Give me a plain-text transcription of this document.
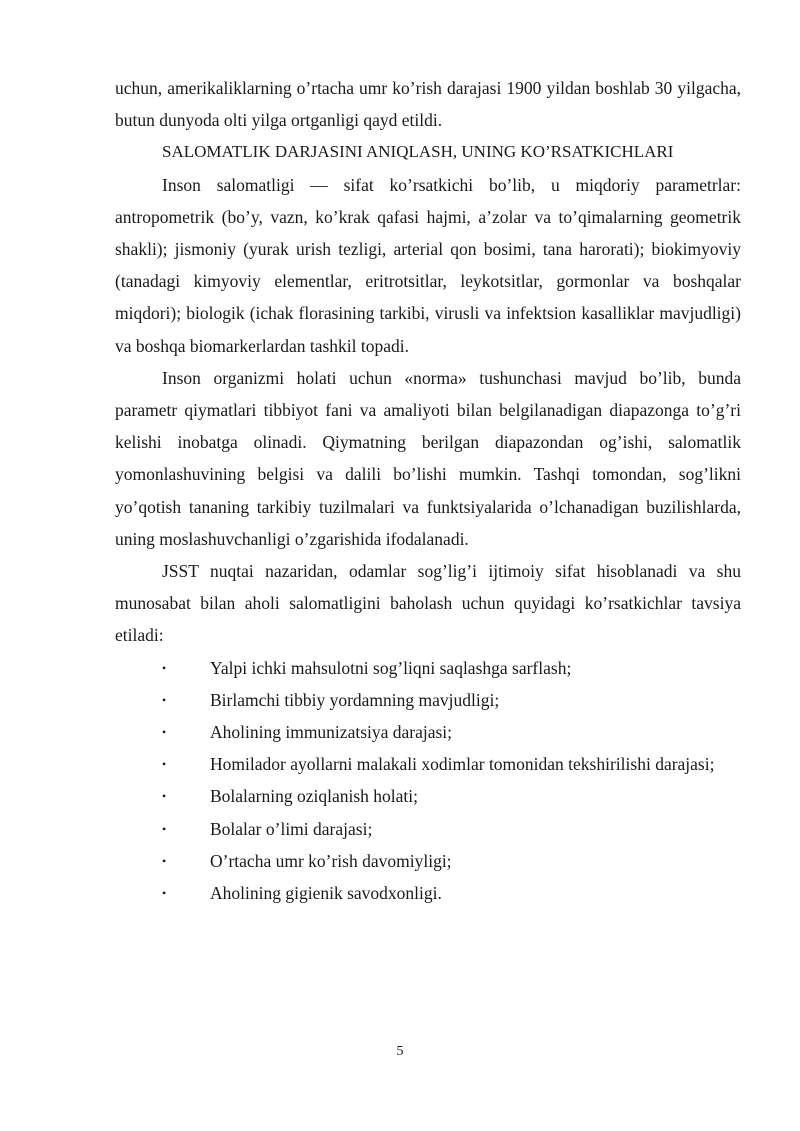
uchun, amerikaliklarning o’rtacha umr ko’rish darajasi 1900 yildan boshlab 30 yilgacha, butun dunyoda olti yilga ortganligi qayd etildi.

SALOMATLIK DARJASINI ANIQLASH, UNING KO’RSATKICHLARI

Inson salomatligi — sifat ko’rsatkichi bo’lib, u miqdoriy parametrlar: antropometrik (bo’y, vazn, ko’krak qafasi hajmi, a’zolar va to’qimalarning geometrik shakli); jismoniy (yurak urish tezligi, arterial qon bosimi, tana harorati); biokimyoviy (tanadagi kimyoviy elementlar, eritrotsitlar, leykotsitlar, gormonlar va boshqalar miqdori); biologik (ichak florasining tarkibi, virusli va infektsion kasalliklar mavjudligi) va boshqa biomarkerlardan tashkil topadi.

Inson organizmi holati uchun «norma» tushunchasi mavjud bo’lib, bunda parametr qiymatlari tibbiyot fani va amaliyoti bilan belgilanadigan diapazonga to’g’ri kelishi inobatga olinadi. Qiymatning berilgan diapazondan og’ishi, salomatlik yomonlashuvining belgisi va dalili bo’lishi mumkin. Tashqi tomondan, sog’likni yo’qotish tananing tarkibiy tuzilmalari va funktsiyalarida o’lchanadigan buzilishlarda, uning moslashuvchanligi o’zgarishida ifodalanadi.

JSST nuqtai nazaridan, odamlar sog’lig’i ijtimoiy sifat hisoblanadi va shu munosabat bilan aholi salomatligini baholash uchun quyidagi ko’rsatkichlar tavsiya etiladi:

•	Yalpi ichki mahsulotni sog’liqni saqlashga sarflash;
•	Birlamchi tibbiy yordamning mavjudligi;
•	Aholining immunizatsiya darajasi;
•	Homilador ayollarni malakali xodimlar tomonidan tekshirilishi darajasi;
•	Bolalarning oziqlanish holati;
•	Bolalar o’limi darajasi;
•	O’rtacha umr ko’rish davomiyligi;
•	Aholining gigienik savodxonligi.
5
